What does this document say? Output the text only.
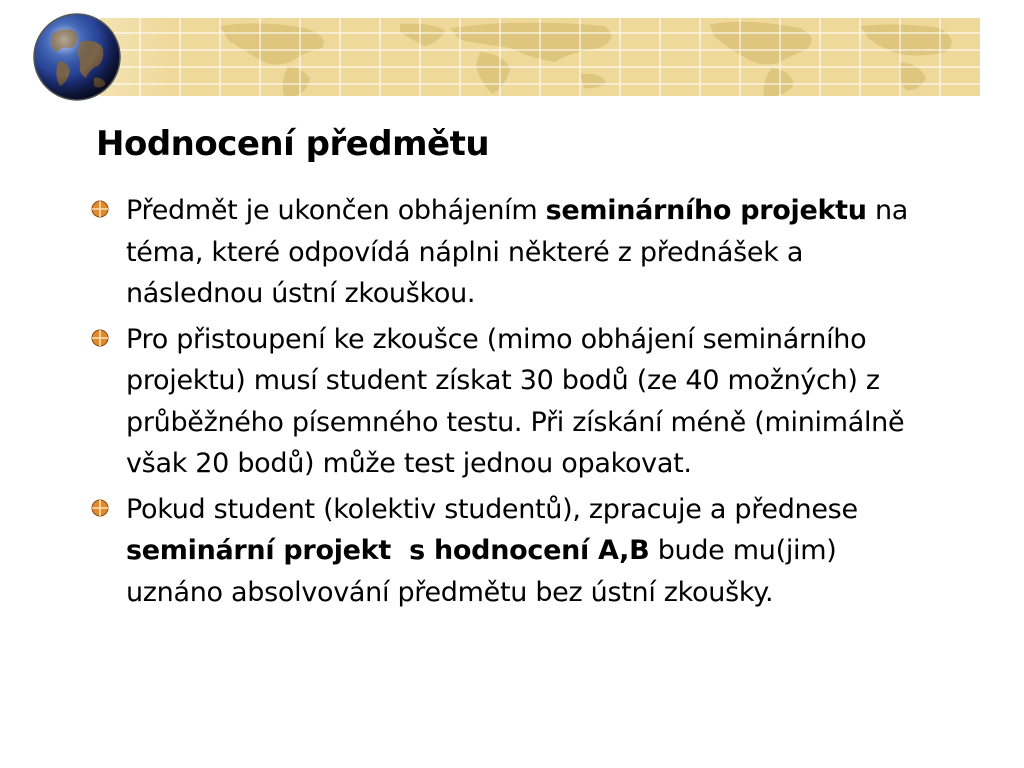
Hodnocení předmětu
Předmět je ukončen obhájením seminárního projektu na téma, které odpovídá náplni některé z přednášek a následnou ústní zkouškou.
Pro přistoupení ke zkoušce (mimo obhájení seminárního projektu) musí student získat 30 bodů (ze 40 možných) z průběžného písemného testu. Při získání méně (minimálně však 20 bodů) může test jednou opakovat.
Pokud student (kolektiv studentů), zpracuje a přednese seminární projekt  s hodnocení A,B bude mu(jim) uznáno absolvování předmětu bez ústní zkoušky.
